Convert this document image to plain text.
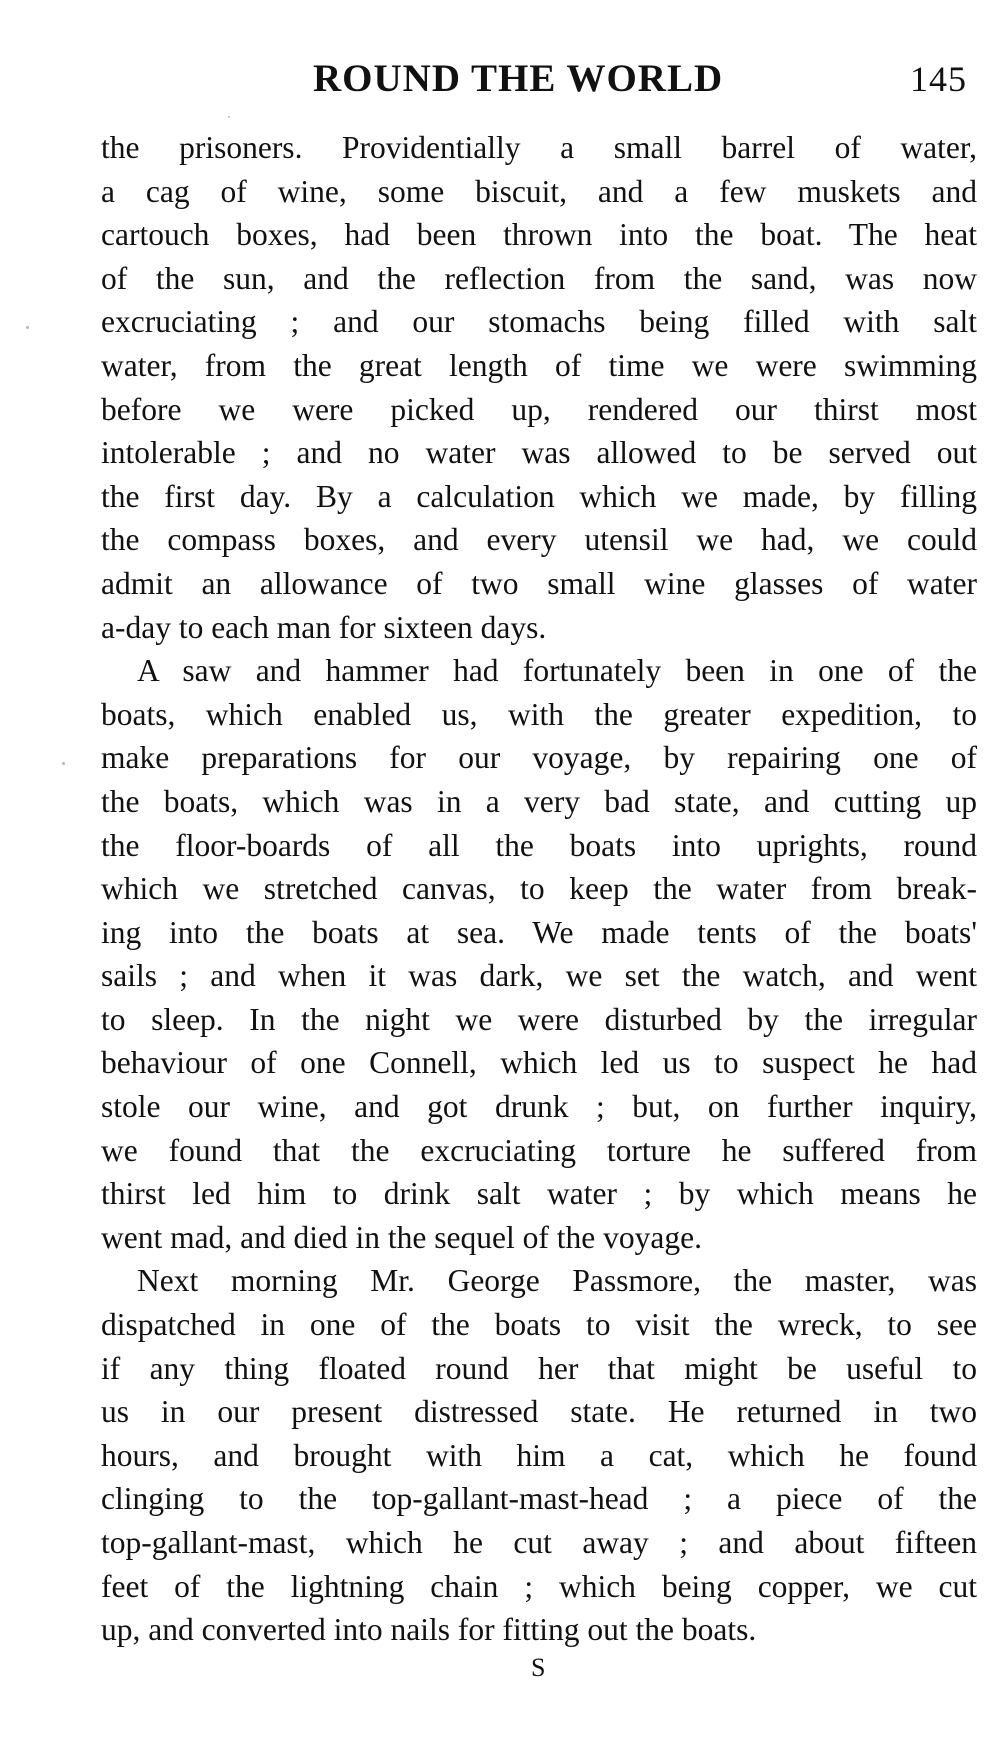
ROUND THE WORLD	145
the prisoners. Providentially a small barrel of water,
a cag of wine, some biscuit, and a few muskets and
cartouch boxes, had been thrown into the boat. The heat
of the sun, and the reflection from the sand, was now
excruciating ; and our stomachs being filled with salt
water, from the great length of time we were swimming
before we were picked up, rendered our thirst most
intolerable ; and no water was allowed to be served out
the first day. By a calculation which we made, by filling
the compass boxes, and every utensil we had, we could
admit an allowance of two small wine glasses of water
a-day to each man for sixteen days.
A saw and hammer had fortunately been in one of the
boats, which enabled us, with the greater expedition, to
make preparations for our voyage, by repairing one of
the boats, which was in a very bad state, and cutting up
the floor-boards of all the boats into uprights, round
which we stretched canvas, to keep the water from break-
ing into the boats at sea. We made tents of the boats'
sails ; and when it was dark, we set the watch, and went
to sleep. In the night we were disturbed by the irregular
behaviour of one Connell, which led us to suspect he had
stole our wine, and got drunk ; but, on further inquiry,
we found that the excruciating torture he suffered from
thirst led him to drink salt water ; by which means he
went mad, and died in the sequel of the voyage.
Next morning Mr. George Passmore, the master, was
dispatched in one of the boats to visit the wreck, to see
if any thing floated round her that might be useful to
us in our present distressed state. He returned in two
hours, and brought with him a cat, which he found
clinging to the top-gallant-mast-head ; a piece of the
top-gallant-mast, which he cut away ; and about fifteen
feet of the lightning chain ; which being copper, we cut
up, and converted into nails for fitting out the boats.
S
